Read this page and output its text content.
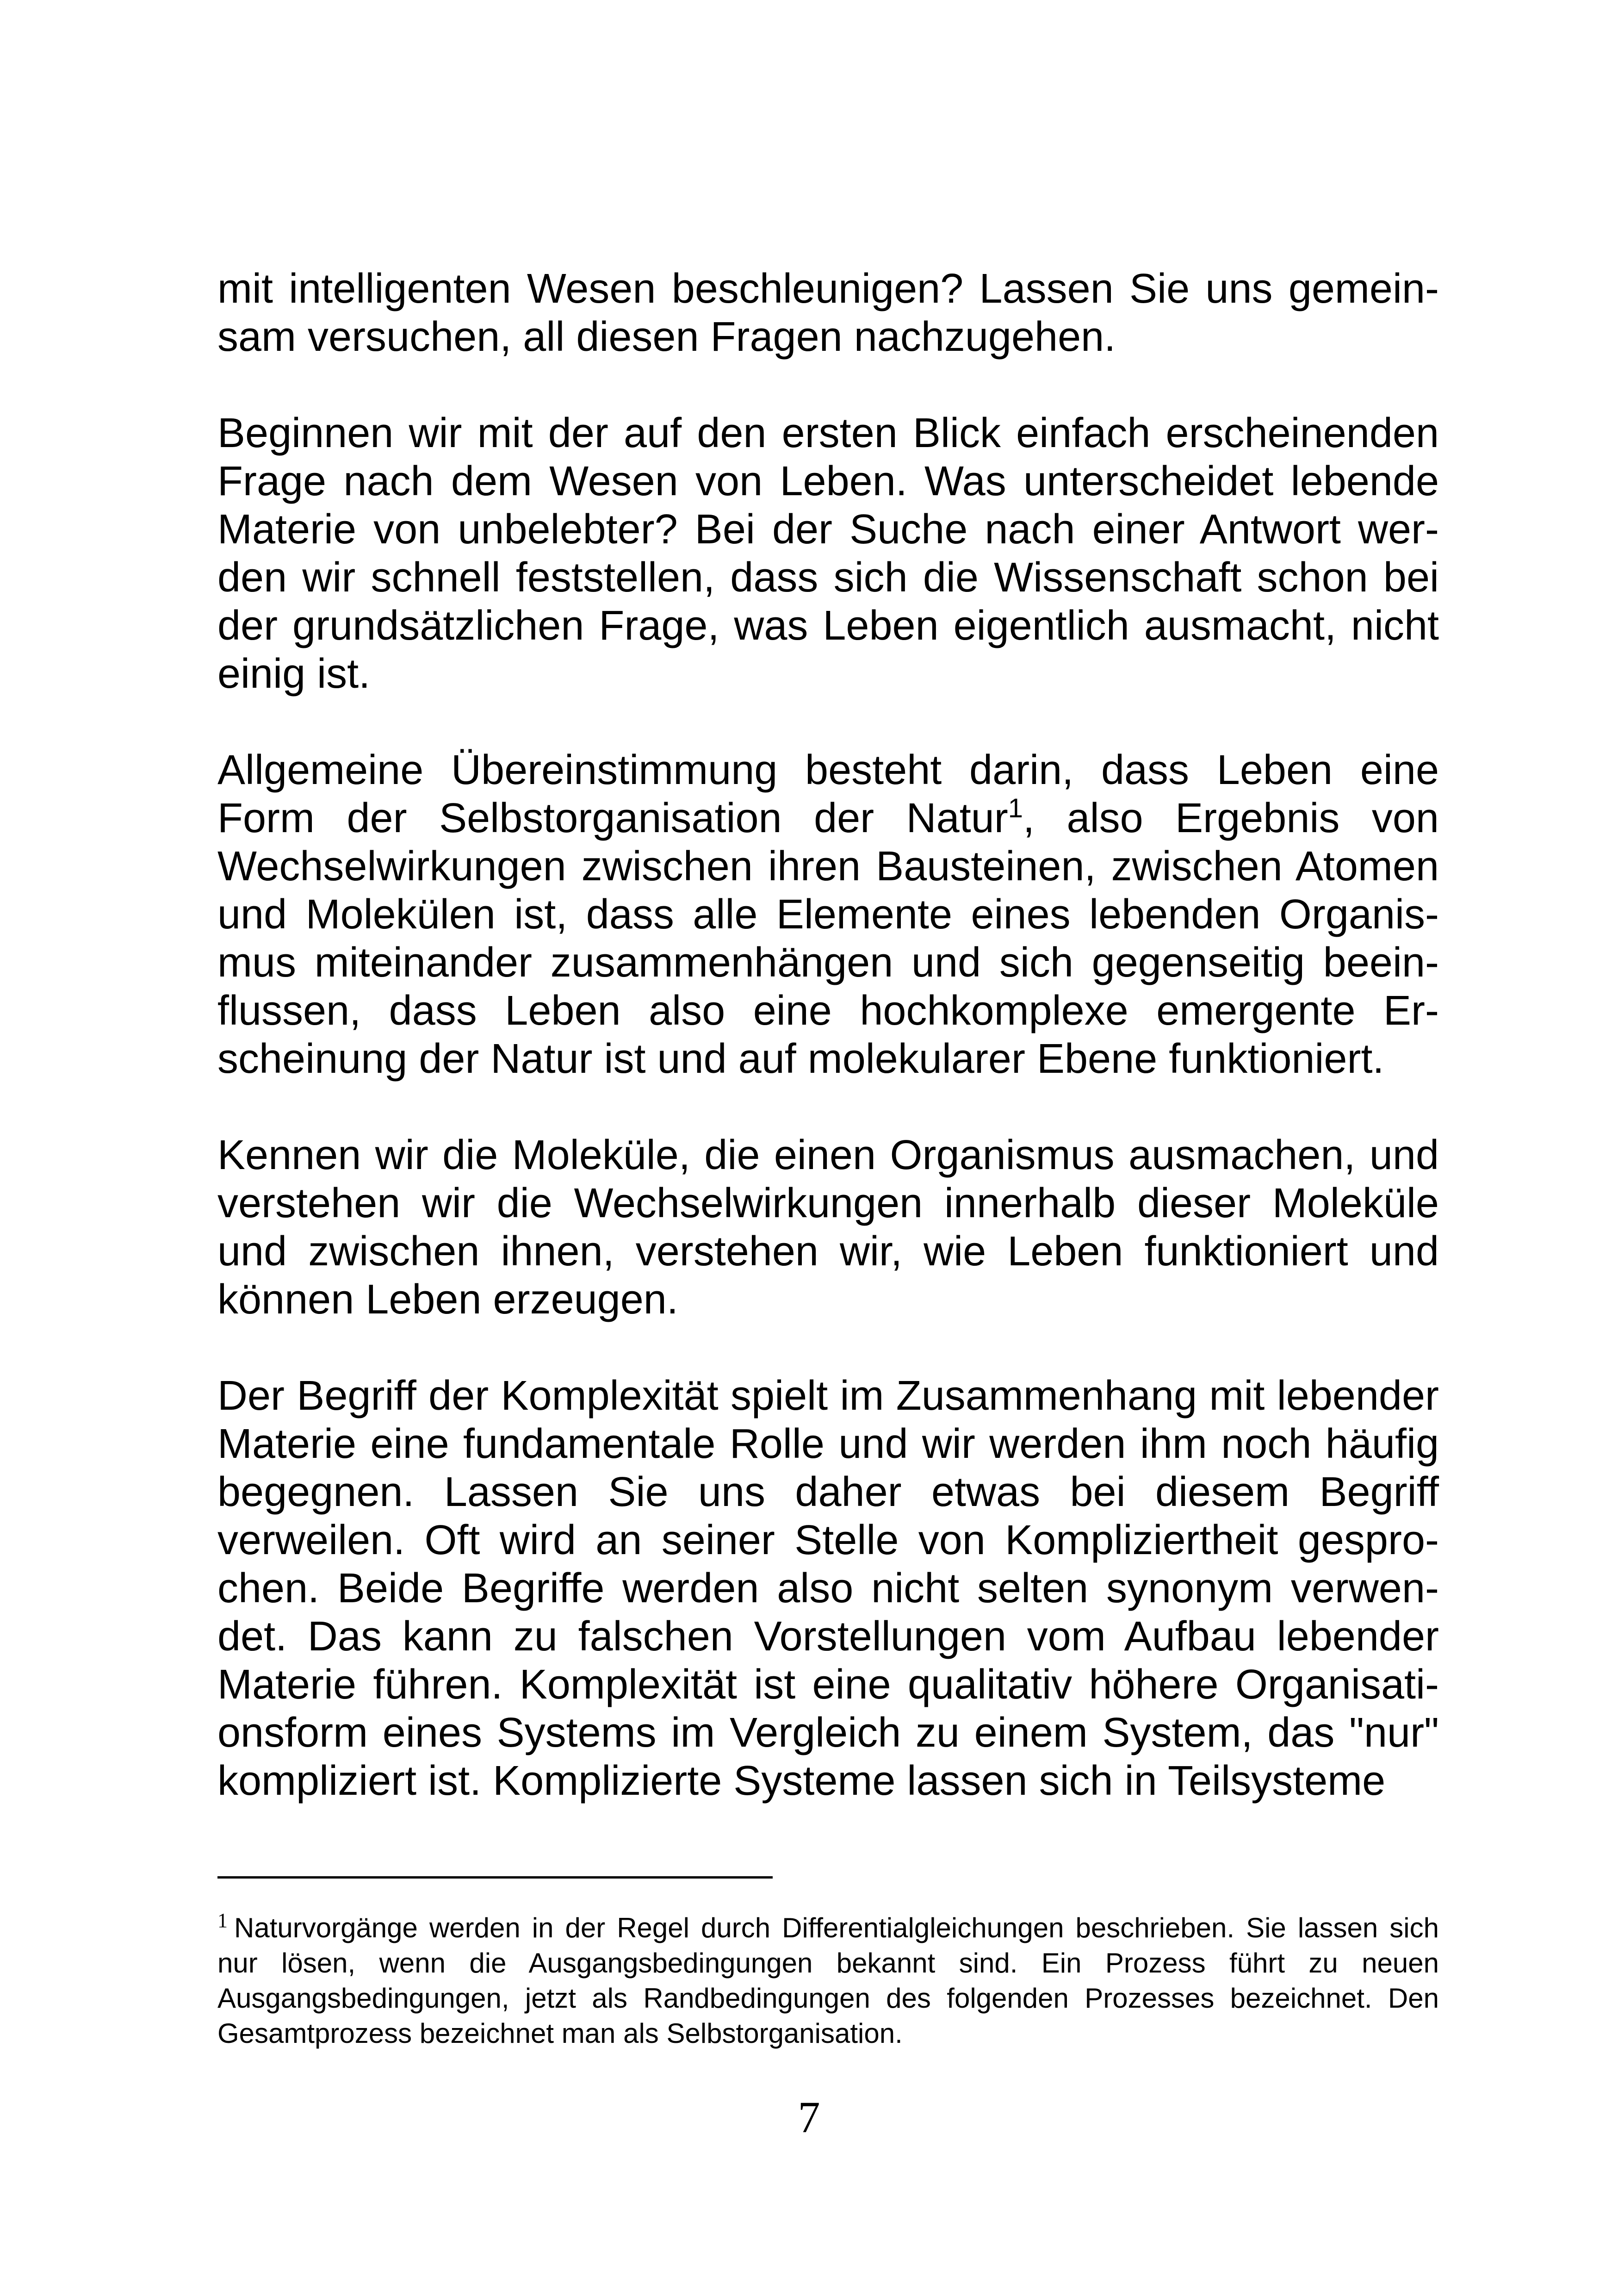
mit intelligenten Wesen beschleunigen? Lassen Sie uns gemeinsam versuchen, all diesen Fragen nachzugehen.

Beginnen wir mit der auf den ersten Blick einfach erscheinenden Frage nach dem Wesen von Leben. Was unterscheidet lebende Materie von unbelebter? Bei der Suche nach einer Antwort werden wir schnell feststellen, dass sich die Wissenschaft schon bei der grundsätzlichen Frage, was Leben eigentlich ausmacht, nicht einig ist.

Allgemeine Übereinstimmung besteht darin, dass Leben eine Form der Selbstorganisation der Natur$^1$, also Ergebnis von Wechselwirkungen zwischen ihren Bausteinen, zwischen Atomen und Molekülen ist, dass alle Elemente eines lebenden Organismus miteinander zusammenhängen und sich gegenseitig beeinflussen, dass Leben also eine hochkomplexe emergente Erscheinung der Natur ist und auf molekularer Ebene funktioniert.

Kennen wir die Moleküle, die einen Organismus ausmachen, und verstehen wir die Wechselwirkungen innerhalb dieser Moleküle und zwischen ihnen, verstehen wir, wie Leben funktioniert und können Leben erzeugen.

Der Begriff der Komplexität spielt im Zusammenhang mit lebender Materie eine fundamentale Rolle und wir werden ihm noch häufig begegnen. Lassen Sie uns daher etwas bei diesem Begriff verweilen. Oft wird an seiner Stelle von Kompliziertheit gesprochen. Beide Begriffe werden also nicht selten synonym verwendet. Das kann zu falschen Vorstellungen vom Aufbau lebender Materie führen. Komplexität ist eine qualitativ höhere Organisationsform eines Systems im Vergleich zu einem System, das "nur" kompliziert ist. Komplizierte Systeme lassen sich in Teilsysteme

$^1$ Naturvorgänge werden in der Regel durch Differentialgleichungen beschrieben. Sie lassen sich nur lösen, wenn die Ausgangsbedingungen bekannt sind. Ein Prozess führt zu neuen Ausgangsbedingungen, jetzt als Randbedingungen des folgenden Prozesses bezeichnet. Den Gesamtprozess bezeichnet man als Selbstorganisation.

7
